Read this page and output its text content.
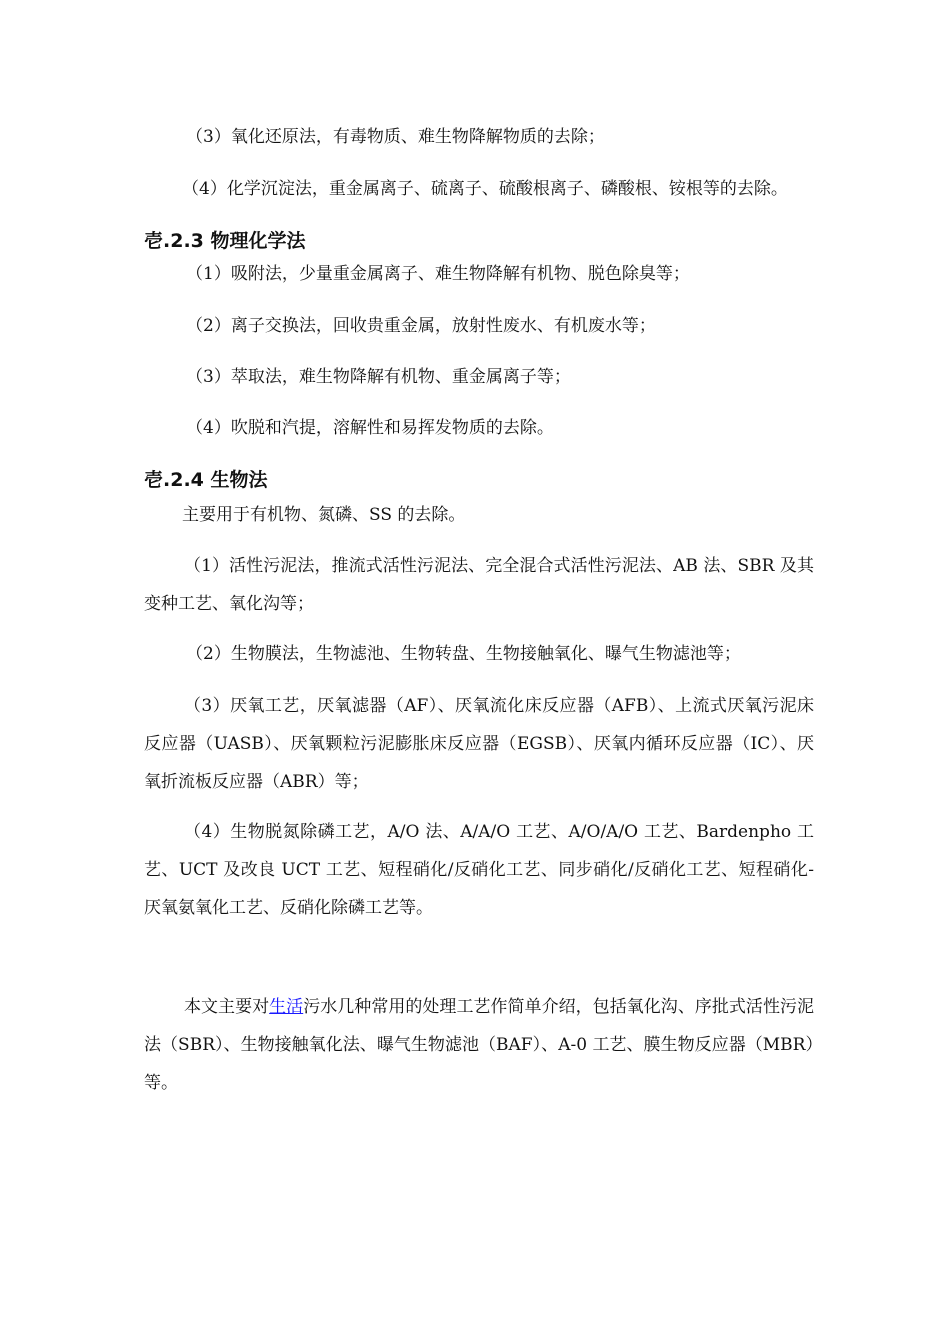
（3）氧化还原法，有毒物质、难生物降解物质的去除；
（4）化学沉淀法，重金属离子、硫离子、硫酸根离子、磷酸根、铵根等的去除。
壱.2.3 物理化学法
（1）吸附法，少量重金属离子、难生物降解有机物、脱色除臭等；
（2）离子交换法，回收贵重金属，放射性废水、有机废水等；
（3）萃取法，难生物降解有机物、重金属离子等；
（4）吹脱和汽提，溶解性和易挥发物质的去除。
壱.2.4 生物法
主要用于有机物、氮磷、SS 的去除。
（1）活性污泥法，推流式活性污泥法、完全混合式活性污泥法、AB 法、SBR 及其变种工艺、氧化沟等；
（2）生物膜法，生物滤池、生物转盘、生物接触氧化、曝气生物滤池等；
（3）厌氧工艺，厌氧滤器（AF）、厌氧流化床反应器（AFB）、上流式厌氧污泥床反应器（UASB）、厌氧颗粒污泥膨胀床反应器（EGSB）、厌氧内循环反应器（IC）、厌氧折流板反应器（ABR）等；
（4）生物脱氮除磷工艺，A/O 法、A/A/O 工艺、A/O/A/O 工艺、Bardenpho 工艺、UCT 及改良 UCT 工艺、短程硝化/反硝化工艺、同步硝化/反硝化工艺、短程硝化-厌氧氨氧化工艺、反硝化除磷工艺等。
本文主要对生活污水几种常用的处理工艺作简单介绍，包括氧化沟、序批式活性污泥法（SBR）、生物接触氧化法、曝气生物滤池（BAF）、A-0 工艺、膜生物反应器（MBR）等。
